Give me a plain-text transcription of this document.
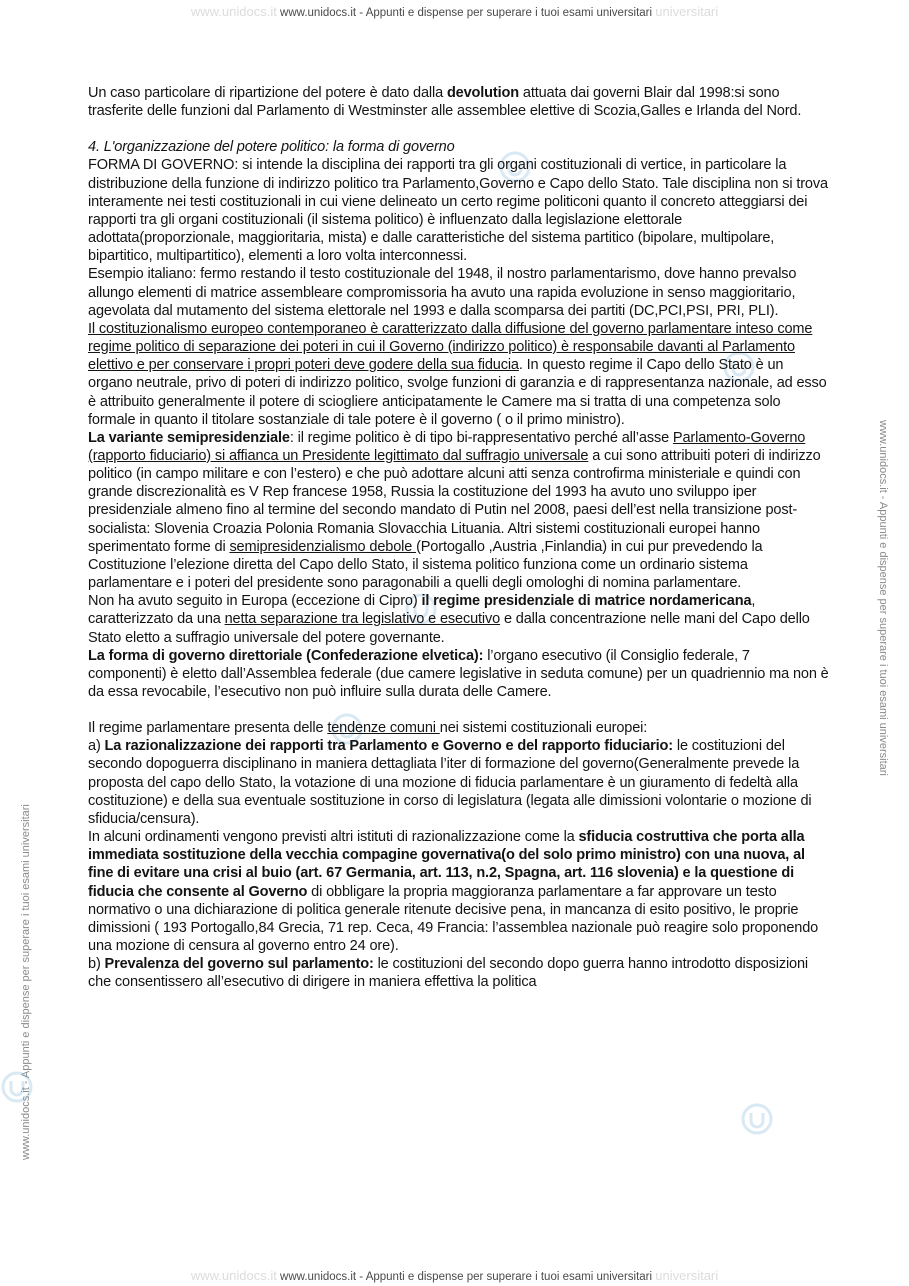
www.unidocs.it www.unidocs.it - Appunti e dispense per superare i tuoi esami universitari universitari
www.unidocs.it - Appunti e dispense per superare i tuoi esami universitari
www.unidocs.it - Appunti e dispense per superare i tuoi esami universitari

Un caso particolare di ripartizione del potere è dato dalla devolution attuata dai governi Blair dal 1998:si sono trasferite delle funzioni dal Parlamento di Westminster alle assemblee elettive di Scozia,Galles e Irlanda del Nord.

4. L'organizzazione del potere politico: la forma di governo

FORMA DI GOVERNO: si intende la disciplina dei rapporti tra gli organi costituzionali di vertice, in particolare la distribuzione della funzione di indirizzo politico tra Parlamento,Governo e Capo dello Stato. Tale disciplina non si trova interamente nei testi costituzionali in cui viene delineato un certo regime politiconi quanto il concreto atteggiarsi dei rapporti tra gli organi costituzionali (il sistema politico) è influenzato dalla legislazione elettorale adottata(proporzionale, maggioritaria, mista) e dalle caratteristiche del sistema partitico (bipolare, multipolare, bipartitico, multipartitico), elementi a loro volta interconnessi.

Esempio italiano: fermo restando il testo costituzionale del 1948, il nostro parlamentarismo, dove hanno prevalso allungo elementi di matrice assembleare compromissoria ha avuto una rapida evoluzione in senso maggioritario, agevolata dal mutamento del sistema elettorale nel 1993 e dalla scomparsa dei partiti (DC,PCI,PSI, PRI, PLI).

Il costituzionalismo europeo contemporaneo è caratterizzato dalla diffusione del governo parlamentare inteso come regime politico di separazione dei poteri in cui il Governo (indirizzo politico) è responsabile davanti al Parlamento elettivo e per conservare i propri poteri deve godere della sua fiducia. In questo regime il Capo dello Stato è un organo neutrale, privo di poteri di indirizzo politico, svolge funzioni di garanzia e di rappresentanza nazionale, ad esso è attribuito generalmente il potere di sciogliere anticipatamente le Camere ma si tratta di una competenza solo formale in quanto il titolare sostanziale di tale potere è il governo ( o il primo ministro).

La variante semipresidenziale: il regime politico è di tipo bi-rappresentativo perché all’asse Parlamento-Governo (rapporto fiduciario) si affianca un Presidente legittimato dal suffragio universale a cui sono attribuiti poteri di indirizzo politico (in campo militare e con l’estero) e che può adottare alcuni atti senza controfirma ministeriale e quindi con grande discrezionalità es V Rep francese 1958, Russia la costituzione del 1993 ha avuto uno sviluppo iper presidenziale almeno fino al termine del secondo mandato di Putin nel 2008, paesi dell’est nella transizione post- socialista: Slovenia Croazia Polonia Romania Slovacchia Lituania. Altri sistemi costituzionali europei hanno sperimentato forme di semipresidenzialismo debole (Portogallo ,Austria ,Finlandia) in cui pur prevedendo la Costituzione l’elezione diretta del Capo dello Stato, il sistema politico funziona come un ordinario sistema parlamentare e i poteri del presidente sono paragonabili a quelli degli omologhi di nomina parlamentare.

Non ha avuto seguito in Europa (eccezione di Cipro) il regime presidenziale di matrice nordamericana, caratterizzato da una netta separazione tra legislativo e esecutivo e dalla concentrazione nelle mani del Capo dello Stato eletto a suffragio universale del potere governante.

La forma di governo direttoriale (Confederazione elvetica): l’organo esecutivo (il Consiglio federale, 7 componenti) è eletto dall’Assemblea federale (due camere legislative in seduta comune) per un quadriennio ma non è da essa revocabile, l’esecutivo non può influire sulla durata delle Camere.

Il regime parlamentare presenta delle tendenze comuni nei sistemi costituzionali europei:

a) La razionalizzazione dei rapporti tra Parlamento e Governo e del rapporto fiduciario: le costituzioni del secondo dopoguerra disciplinano in maniera dettagliata l’iter di formazione del governo(Generalmente prevede la proposta del capo dello Stato, la votazione di una mozione di fiducia parlamentare è un giuramento di fedeltà alla costituzione) e della sua eventuale sostituzione in corso di legislatura (legata alle dimissioni volontarie o mozione di sfiducia/censura).

In alcuni ordinamenti vengono previsti altri istituti di razionalizzazione come la sfiducia costruttiva che porta alla immediata sostituzione della vecchia compagine governativa(o del solo primo ministro) con una nuova, al fine di evitare una crisi al buio (art. 67 Germania, art. 113, n.2, Spagna, art. 116 slovenia) e la questione di fiducia che consente al Governo di obbligare la propria maggioranza parlamentare a far approvare un testo normativo o una dichiarazione di politica generale ritenute decisive pena, in mancanza di esito positivo, le proprie dimissioni ( 193 Portogallo,84 Grecia, 71 rep. Ceca, 49 Francia: l’assemblea nazionale può reagire solo proponendo una mozione di censura al governo entro 24 ore).

b) Prevalenza del governo sul parlamento: le costituzioni del secondo dopo guerra hanno introdotto disposizioni che consentissero all’esecutivo di dirigere in maniera effettiva la politica

www.unidocs.it www.unidocs.it - Appunti e dispense per superare i tuoi esami universitari universitari
